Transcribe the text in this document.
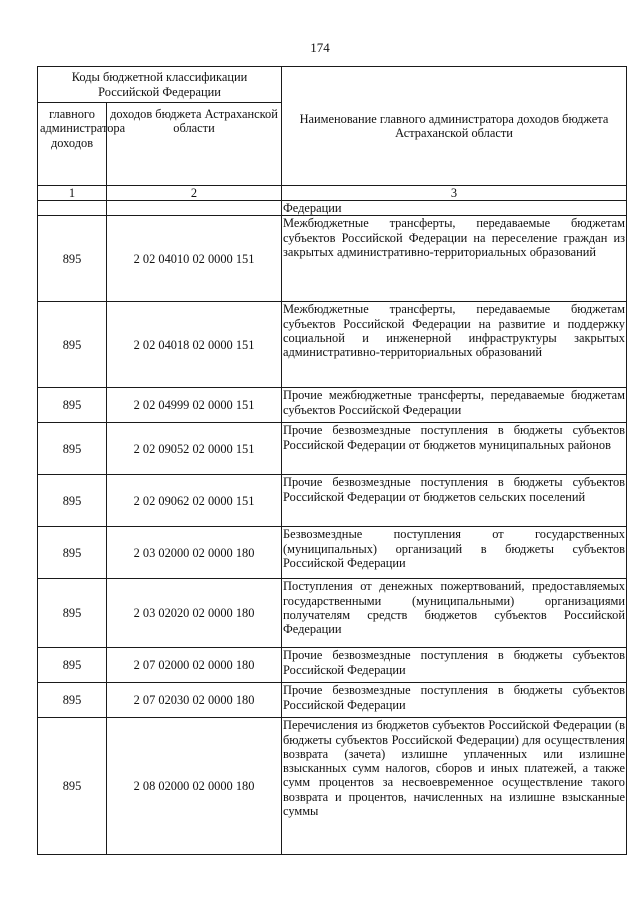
174
Коды бюджетной классификации Российской Федерации		Наименование главного администратора доходов бюджета Астраханской области
главного администратора доходов	доходов бюджета Астраханской области	
1	2	3
		Федерации
895	2 02 04010 02 0000 151	Межбюджетные трансферты, передаваемые бюджетам субъектов Российской Федерации на переселение граждан из закрытых административно-территориальных образований
895	2 02 04018 02 0000 151	Межбюджетные трансферты, передаваемые бюджетам субъектов Российской Федерации на развитие и поддержку социальной и инженерной инфраструктуры закрытых административно-территориальных образований
895	2 02 04999 02 0000 151	Прочие межбюджетные трансферты, передаваемые бюджетам субъектов Российской Федерации
895	2 02 09052 02 0000 151	Прочие безвозмездные поступления в бюджеты субъектов Российской Федерации от бюджетов муниципальных районов
895	2 02 09062 02 0000 151	Прочие безвозмездные поступления в бюджеты субъектов Российской Федерации от бюджетов сельских поселений
895	2 03 02000 02 0000 180	Безвозмездные поступления от государственных (муниципальных) организаций в бюджеты субъектов Российской Федерации
895	2 03 02020 02 0000 180	Поступления от денежных пожертвований, предоставляемых государственными (муниципальными) организациями получателям средств бюджетов субъектов Российской Федерации
895	2 07 02000 02 0000 180	Прочие безвозмездные поступления в бюджеты субъектов Российской Федерации
895	2 07 02030 02 0000 180	Прочие безвозмездные поступления в бюджеты субъектов Российской Федерации
895	2 08 02000 02 0000 180	Перечисления из бюджетов субъектов Российской Федерации (в бюджеты субъектов Российской Федерации) для осуществления возврата (зачета) излишне уплаченных или излишне взысканных сумм налогов, сборов и иных платежей, а также сумм процентов за несвоевременное осуществление такого возврата и процентов, начисленных на излишне взысканные суммы
